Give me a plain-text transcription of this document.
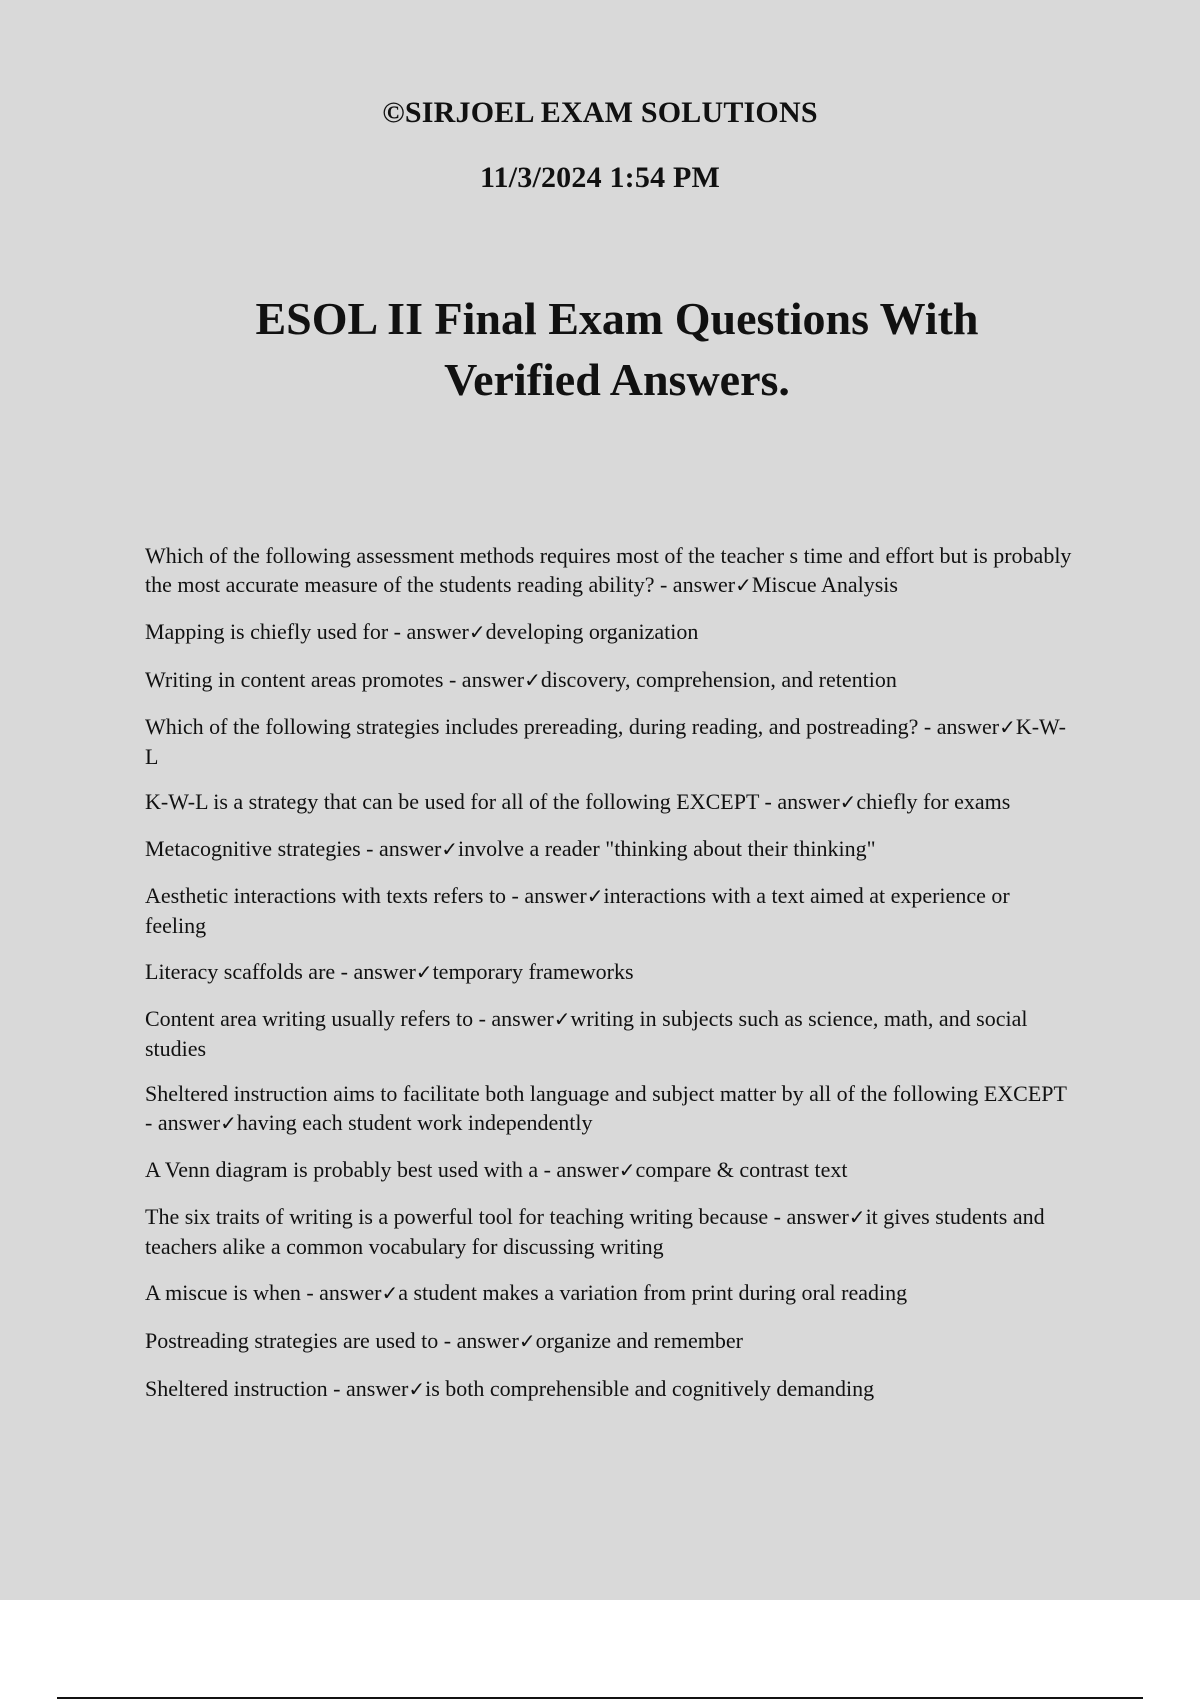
©SIRJOEL EXAM SOLUTIONS
11/3/2024 1:54 PM
ESOL II Final Exam Questions With Verified Answers.
Which of the following assessment methods requires most of the teacher s time and effort but is probably the most accurate measure of the students reading ability? - answer✓Miscue Analysis
Mapping is chiefly used for - answer✓developing organization
Writing in content areas promotes - answer✓discovery, comprehension, and retention
Which of the following strategies includes prereading, during reading, and postreading? - answer✓K-W-L
K-W-L is a strategy that can be used for all of the following EXCEPT - answer✓chiefly for exams
Metacognitive strategies - answer✓involve a reader "thinking about their thinking"
Aesthetic interactions with texts refers to - answer✓interactions with a text aimed at experience or feeling
Literacy scaffolds are - answer✓temporary frameworks
Content area writing usually refers to - answer✓writing in subjects such as science, math, and social studies
Sheltered instruction aims to facilitate both language and subject matter by all of the following EXCEPT - answer✓having each student work independently
A Venn diagram is probably best used with a - answer✓compare & contrast text
The six traits of writing is a powerful tool for teaching writing because - answer✓it gives students and teachers alike a common vocabulary for discussing writing
A miscue is when - answer✓a student makes a variation from print during oral reading
Postreading strategies are used to - answer✓organize and remember
Sheltered instruction - answer✓is both comprehensible and cognitively demanding
